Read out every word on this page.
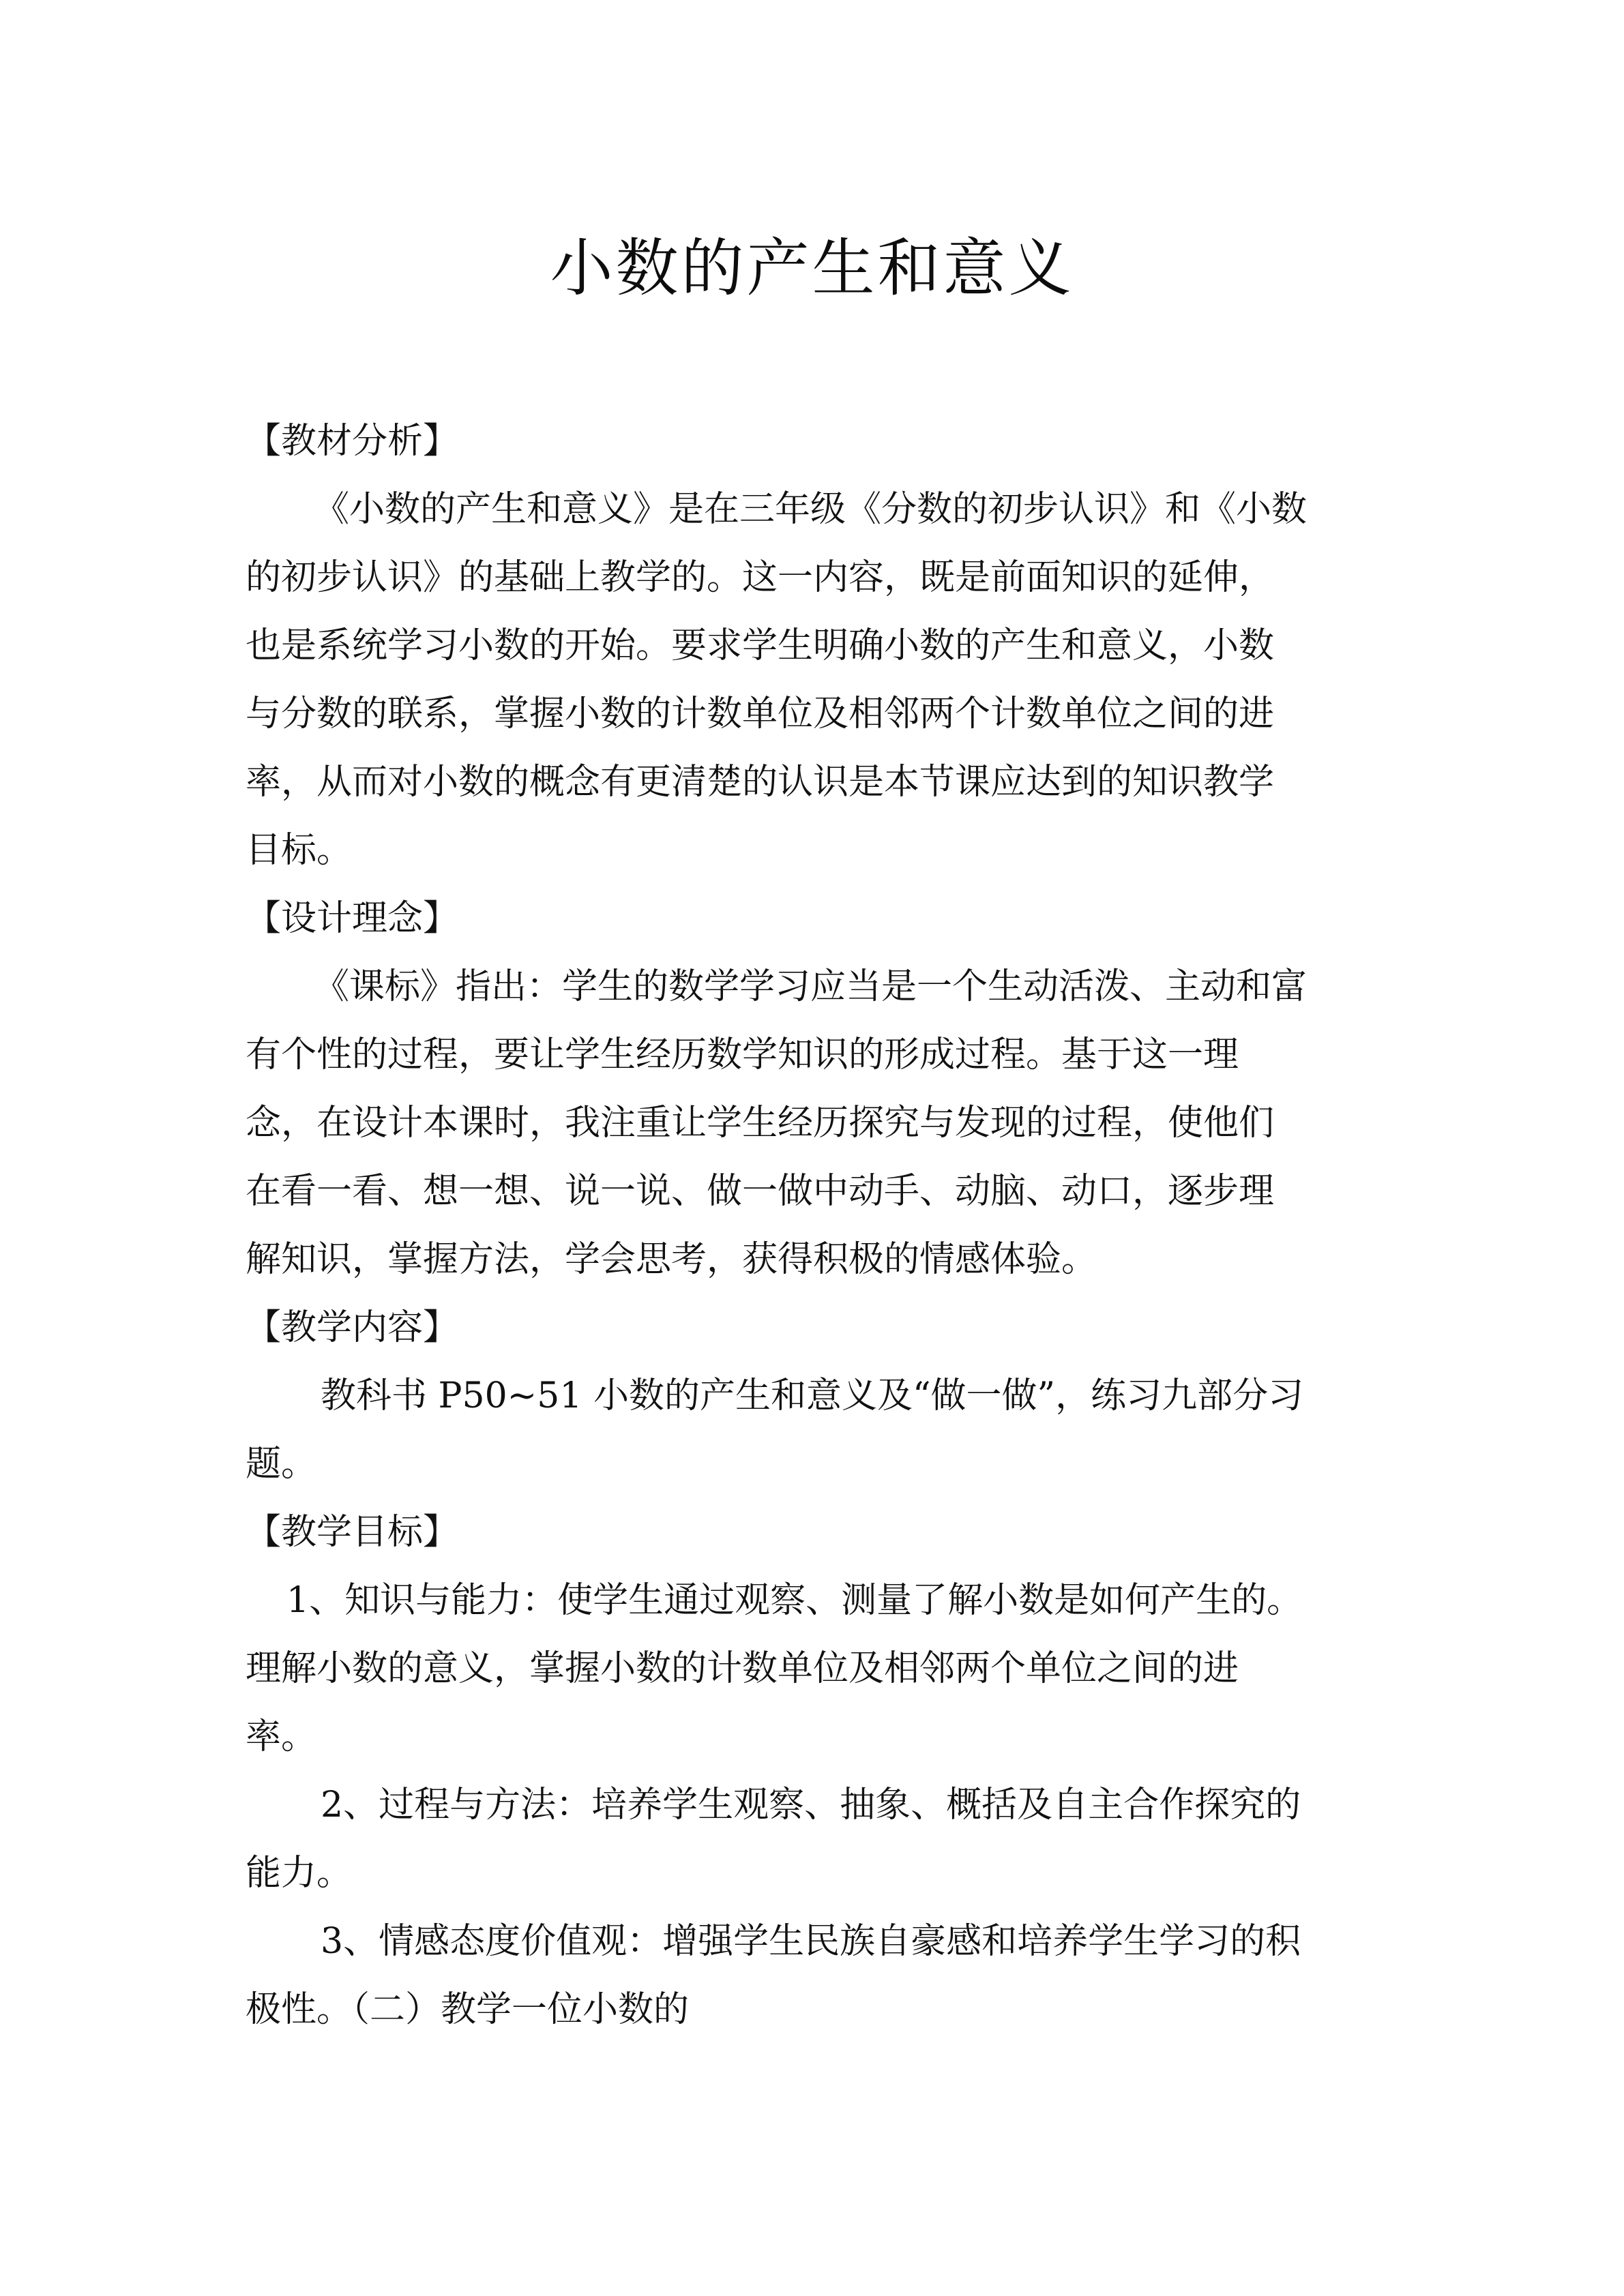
小数的产生和意义
【教材分析】
《小数的产生和意义》是在三年级《分数的初步认识》和《小数
的初步认识》的基础上教学的。这一内容，既是前面知识的延伸，
也是系统学习小数的开始。要求学生明确小数的产生和意义，小数
与分数的联系，掌握小数的计数单位及相邻两个计数单位之间的进
率，从而对小数的概念有更清楚的认识是本节课应达到的知识教学
目标。
【设计理念】
《课标》指出：学生的数学学习应当是一个生动活泼、主动和富
有个性的过程，要让学生经历数学知识的形成过程。基于这一理
念，在设计本课时，我注重让学生经历探究与发现的过程，使他们
在看一看、想一想、说一说、做一做中动手、动脑、动口，逐步理
解知识，掌握方法，学会思考，获得积极的情感体验。
【教学内容】
教科书 P50~51 小数的产生和意义及“做一做”，练习九部分习
题。
【教学目标】
1、知识与能力：使学生通过观察、测量了解小数是如何产生的。
理解小数的意义，掌握小数的计数单位及相邻两个单位之间的进
率。
2、过程与方法：培养学生观察、抽象、概括及自主合作探究的
能力。
3、情感态度价值观：增强学生民族自豪感和培养学生学习的积
极性。（二）教学一位小数的
